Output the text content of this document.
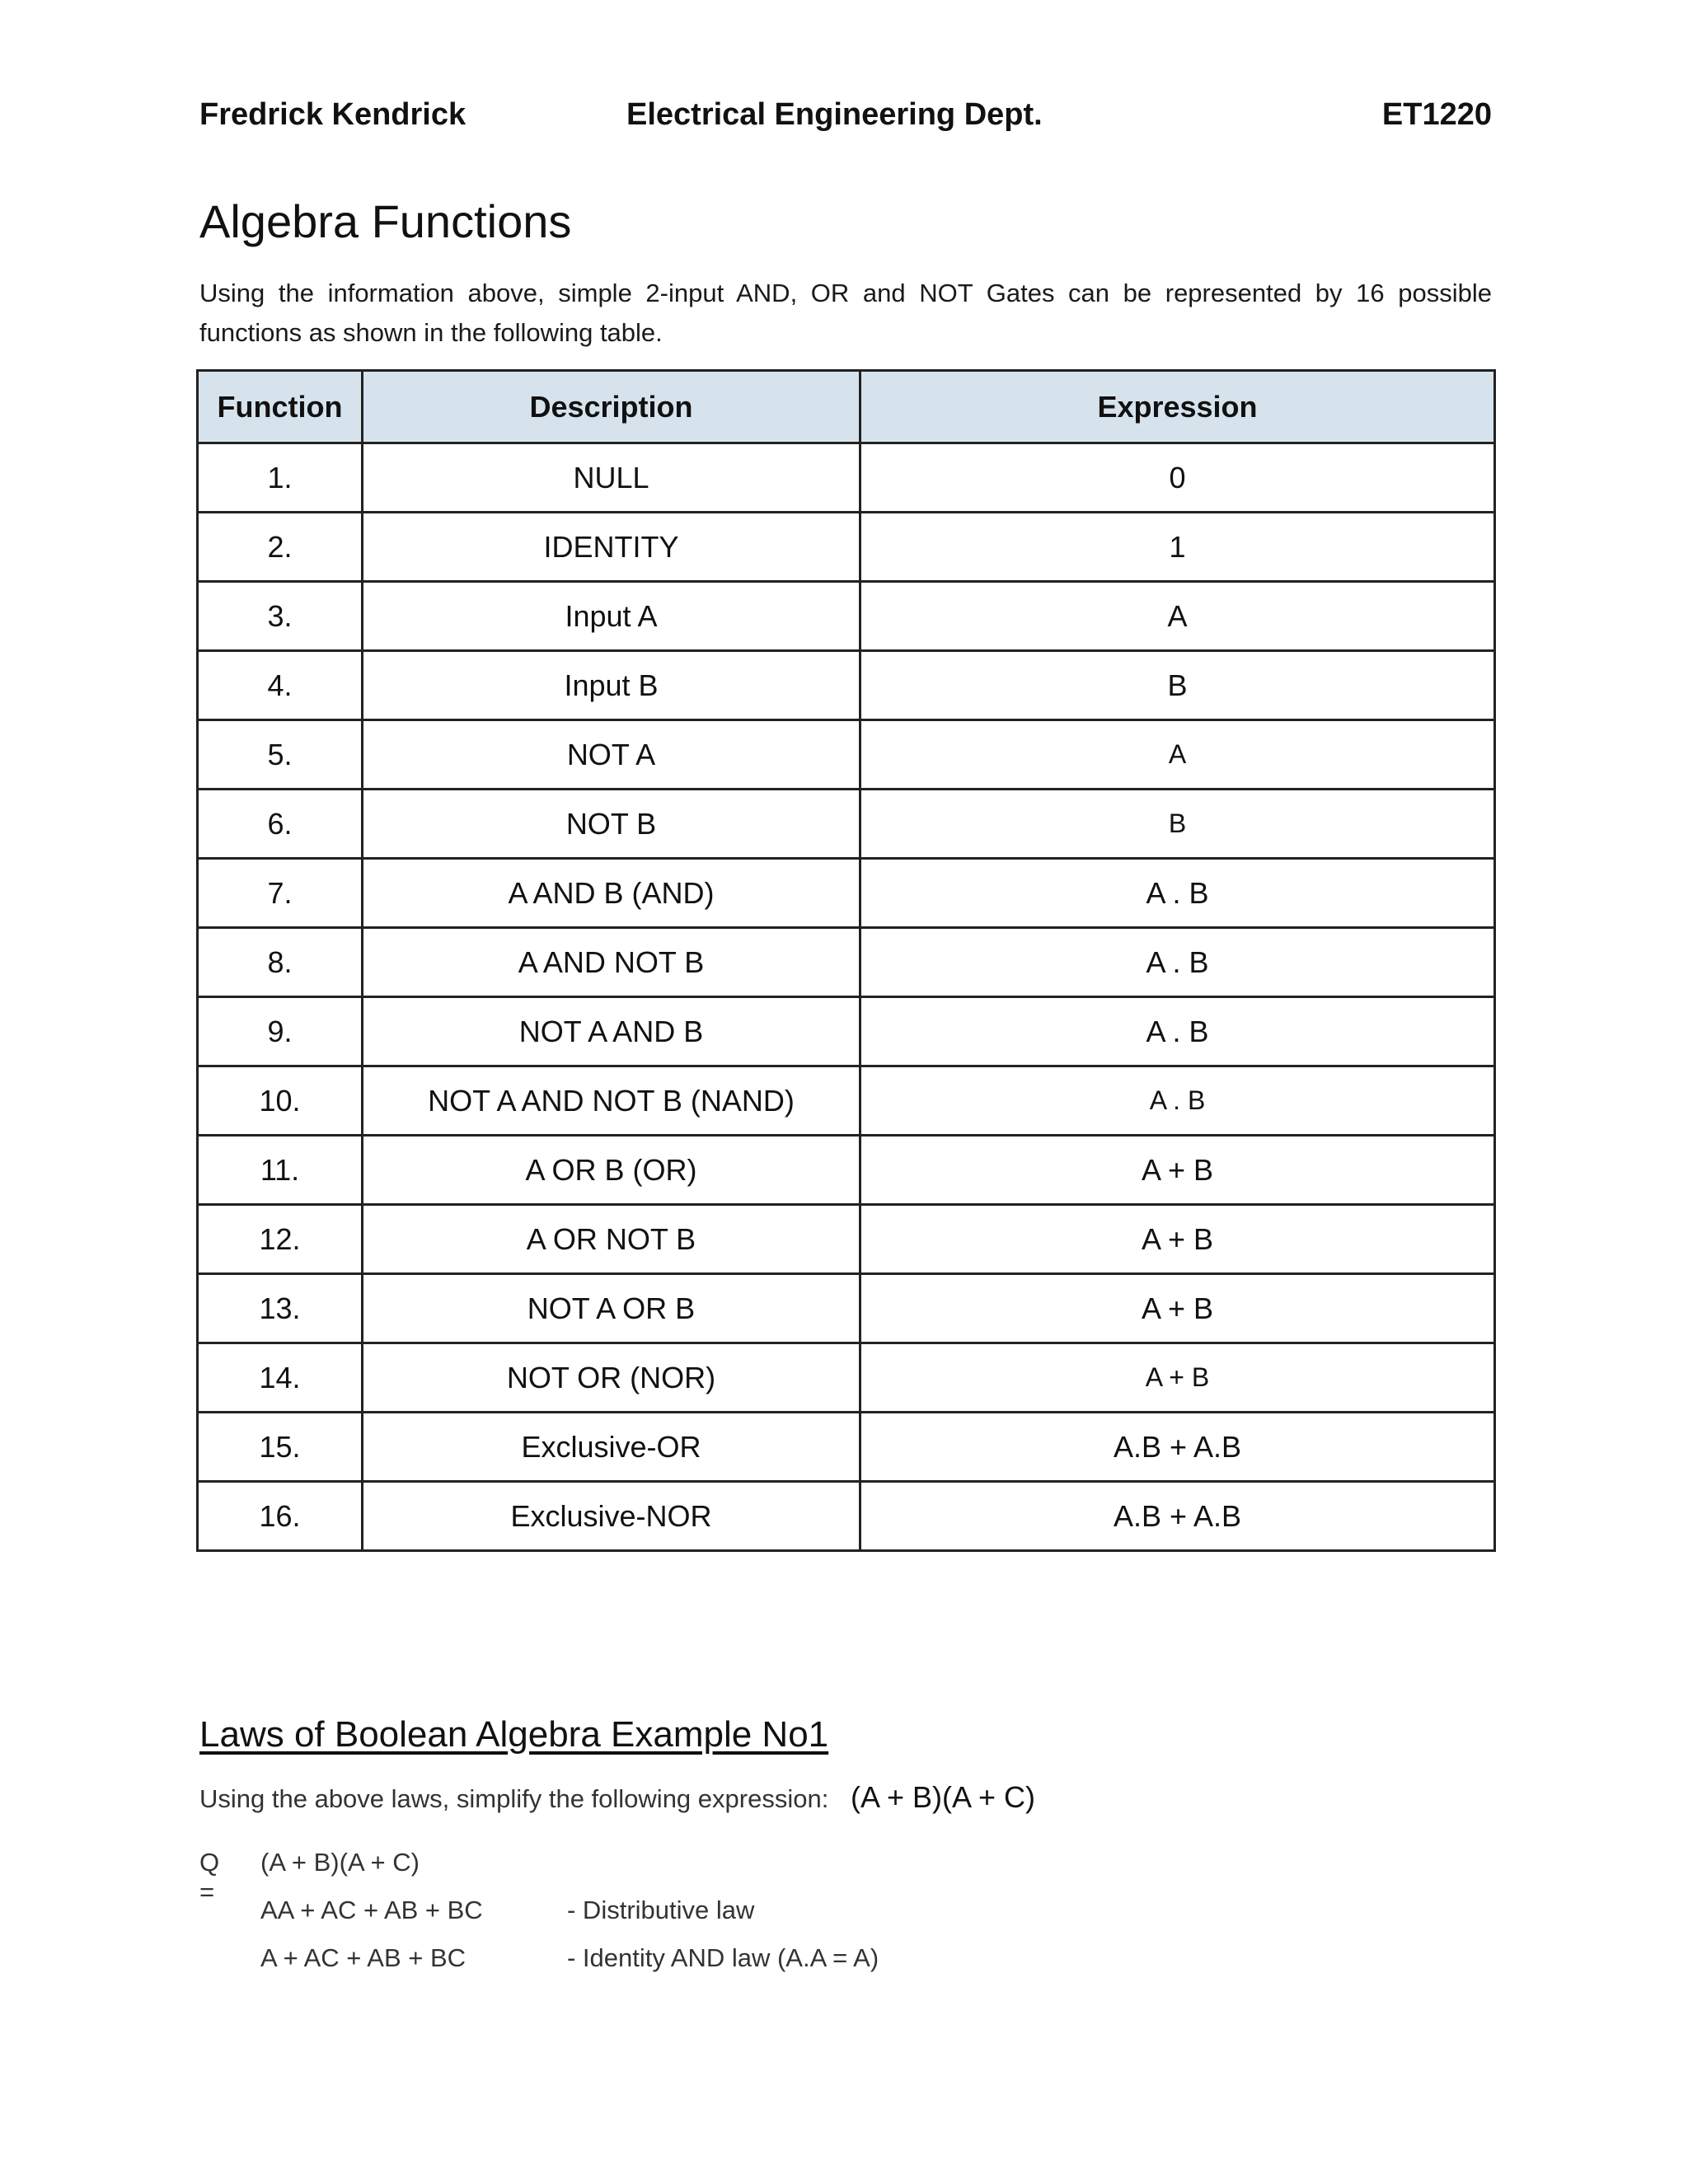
Fredrick Kendrick	Electrical Engineering Dept.	ET1220
Algebra Functions
Using the information above, simple 2-input AND, OR and NOT Gates can be represented by 16 possible functions as shown in the following table.
Function	Description	Expression
1.	NULL	0
2.	IDENTITY	1
3.	Input A	A
4.	Input B	B
5.	NOT A	A
6.	NOT B	B
7.	A AND B (AND)	A . B
8.	A AND NOT B	A . B
9.	NOT A AND B	A . B
10.	NOT A AND NOT B (NAND)	A . B
11.	A OR B (OR)	A + B
12.	A OR NOT B	A + B
13.	NOT A OR B	A + B
14.	NOT OR (NOR)	A + B
15.	Exclusive-OR	A.B + A.B
16.	Exclusive-NOR	A.B + A.B
Laws of Boolean Algebra Example No1
Using the above laws, simplify the following expression: (A + B)(A + C)
Q =
(A + B)(A + C)
AA + AC + AB + BC	- Distributive law
A + AC + AB + BC	- Identity AND law (A.A = A)
